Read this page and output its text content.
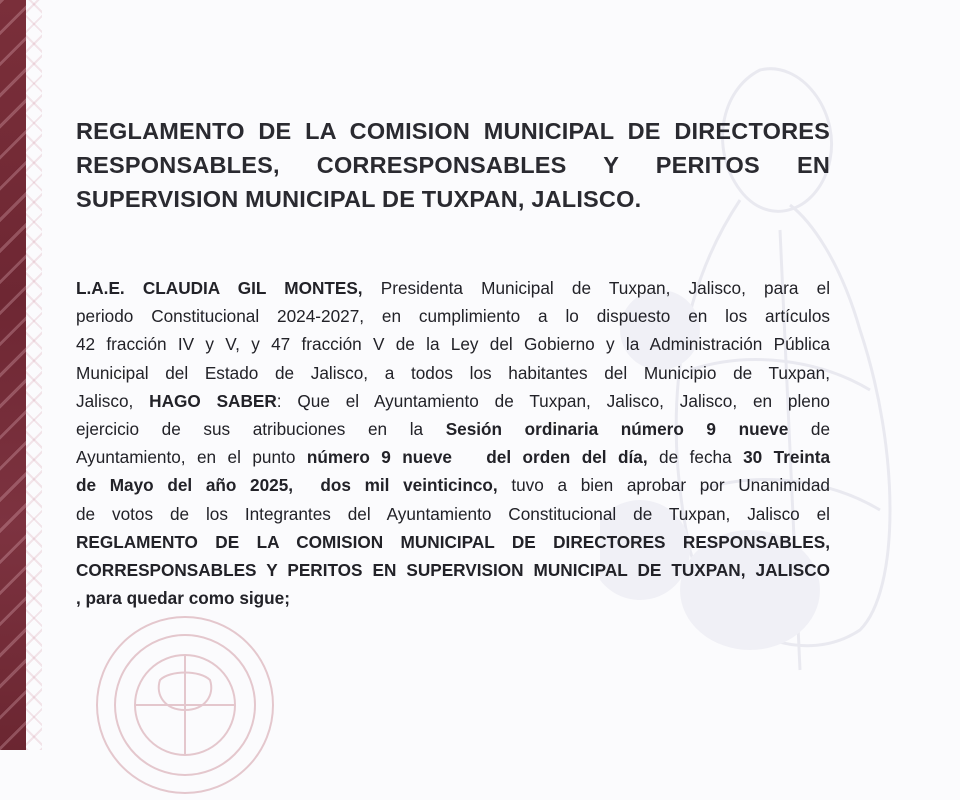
REGLAMENTO DE LA COMISION MUNICIPAL DE DIRECTORES
RESPONSABLES, CORRESPONSABLES Y PERITOS EN
SUPERVISION MUNICIPAL DE TUXPAN, JALISCO.
L.A.E. CLAUDIA GIL MONTES, Presidenta Municipal de Tuxpan, Jalisco, para el
periodo Constitucional 2024-2027, en cumplimiento a lo dispuesto en los artículos
42 fracción IV y V, y 47 fracción V de la Ley del Gobierno y la Administración Pública
Municipal del Estado de Jalisco, a todos los habitantes del Municipio de Tuxpan,
Jalisco, HAGO SABER: Que el Ayuntamiento de Tuxpan, Jalisco, Jalisco, en pleno
ejercicio de sus atribuciones en la Sesión ordinaria número 9 nueve de
Ayuntamiento, en el punto número 9 nueve del orden del día, de fecha 30 Treinta
de Mayo del año 2025, dos mil veinticinco, tuvo a bien aprobar por Unanimidad
de votos de los Integrantes del Ayuntamiento Constitucional de Tuxpan, Jalisco el
REGLAMENTO DE LA COMISION MUNICIPAL DE DIRECTORES RESPONSABLES,
CORRESPONSABLES Y PERITOS EN SUPERVISION MUNICIPAL DE TUXPAN, JALISCO
, para quedar como sigue;
